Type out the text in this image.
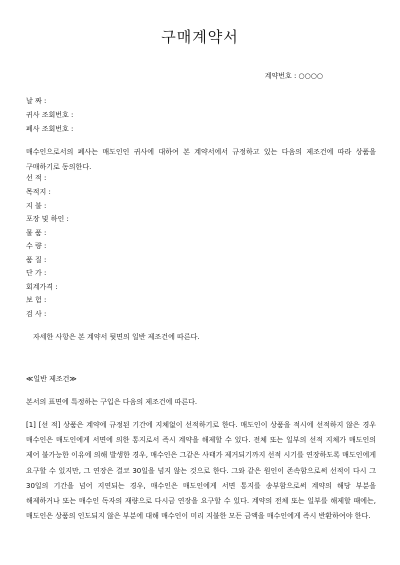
구매계약서
계약번호 : ○○○○
날 짜 :
귀사 조회번호 :
폐사 조회번호 :
매수인으로서의 폐사는 매도인인 귀사에 대하여 본 계약서에서 규정하고 있는 다음의 제조건에 따라 상품을 구매하기로 동의한다.
선 적 :
목적지 :
지 불 :
포장 및 하인 :
물 품 :
수 량 :
품 질 :
단 가 :
회계가격 :
보 험 :
검 사 :
자세한 사항은 본 계약서 뒷면의 일반 제조건에 따른다.
≪일반 제조건≫
본서의 표면에 특정하는 구입은 다음의 제조건에 따른다.
[1] [선 적] 상품은 계약에 규정된 기간에 지체없이 선적하기로 한다. 매도인이 상품을 적시에 선적하지 않은 경우 매수인은 매도인에게 서면에 의한 통지로서 즉시 계약을 해제할 수 있다. 전체 또는 일부의 선적 지체가 매도인의 제어 불가능한 이유에 의해 발생한 경우, 매수인은 그같은 사태가 제거되기까지 선적 시기를 연장하도록 매도인에게 요구할 수 있지만, 그 연장은 결코 30일을 넘지 않는 것으로 한다. 그와 같은 원인이 존속함으로써 선적이 다시 그 30일의 기간을 넘어 지연되는 경우, 매수인은 매도인에게 서면 통지를 송부함으로써 계약의 해당 부분을 해제하거나 또는 매수인 독자의 재량으로 다시금 연장을 요구할 수 있다. 계약의 전체 또는 일부를 해제할 때에는, 매도인은 상품의 인도되지 않은 부분에 대해 매수인이 미리 지불한 모든 금액을 매수인에게 즉시 반환하여야 한다.
